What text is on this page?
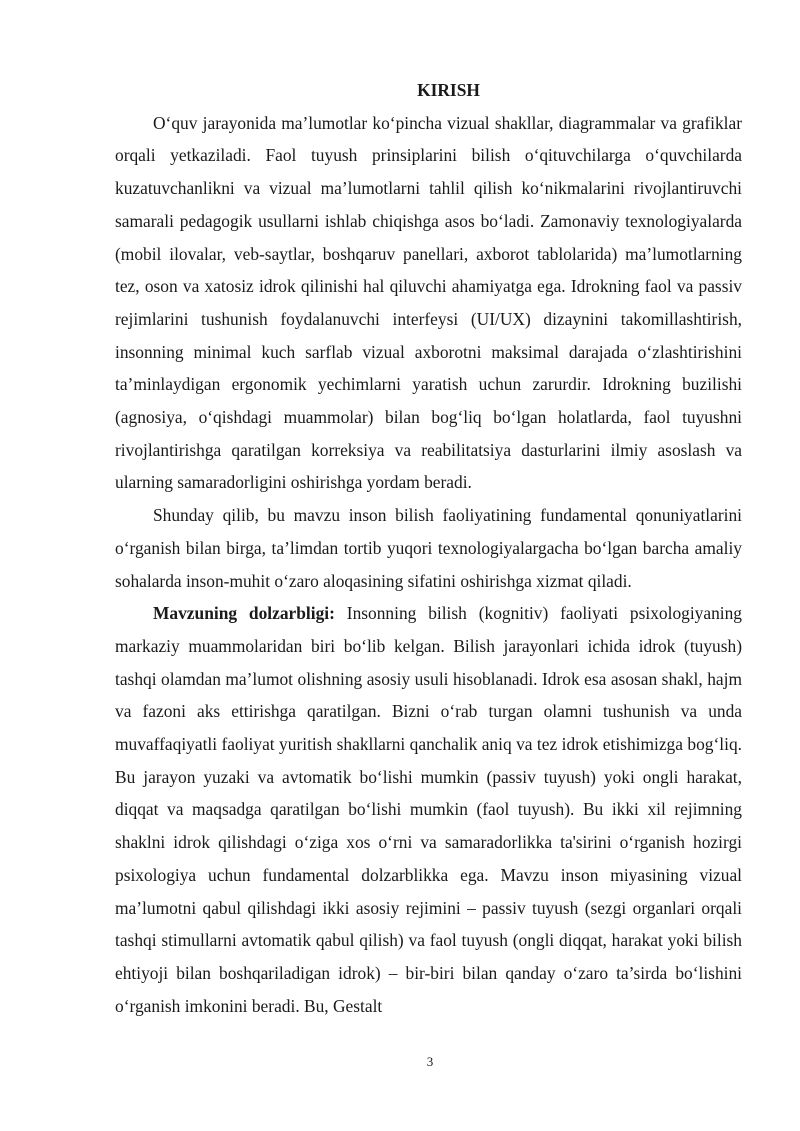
KIRISH

O‘quv jarayonida ma’lumotlar ko‘pincha vizual shakllar, diagrammalar va grafiklar orqali yetkaziladi. Faol tuyush prinsiplarini bilish o‘qituvchilarga o‘quvchilarda kuzatuvchanlikni va vizual ma’lumotlarni tahlil qilish ko‘nikmalarini rivojlantiruvchi samarali pedagogik usullarni ishlab chiqishga asos bo‘ladi. Zamonaviy texnologiyalarda (mobil ilovalar, veb-saytlar, boshqaruv panellari, axborot tablolarida) ma’lumotlarning tez, oson va xatosiz idrok qilinishi hal qiluvchi ahamiyatga ega. Idrokning faol va passiv rejimlarini tushunish foydalanuvchi interfeysi (UI/UX) dizaynini takomillashtirish, insonning minimal kuch sarflab vizual axborotni maksimal darajada o‘zlashtirishini ta’minlaydigan ergonomik yechimlarni yaratish uchun zarurdir. Idrokning buzilishi (agnosiya, o‘qishdagi muammolar) bilan bog‘liq bo‘lgan holatlarda, faol tuyushni rivojlantirishga qaratilgan korreksiya va reabilitatsiya dasturlarini ilmiy asoslash va ularning samaradorligini oshirishga yordam beradi.

Shunday qilib, bu mavzu inson bilish faoliyatining fundamental qonuniyatlarini o‘rganish bilan birga, ta’limdan tortib yuqori texnologiyalargacha bo‘lgan barcha amaliy sohalarda inson-muhit o‘zaro aloqasining sifatini oshirishga xizmat qiladi.

Mavzuning dolzarbligi: Insonning bilish (kognitiv) faoliyati psixologiyaning markaziy muammolaridan biri bo‘lib kelgan. Bilish jarayonlari ichida idrok (tuyush) tashqi olamdan ma’lumot olishning asosiy usuli hisoblanadi. Idrok esa asosan shakl, hajm va fazoni aks ettirishga qaratilgan. Bizni o‘rab turgan olamni tushunish va unda muvaffaqiyatli faoliyat yuritish shakllarni qanchalik aniq va tez idrok etishimizga bog‘liq. Bu jarayon yuzaki va avtomatik bo‘lishi mumkin (passiv tuyush) yoki ongli harakat, diqqat va maqsadga qaratilgan bo‘lishi mumkin (faol tuyush). Bu ikki xil rejimning shaklni idrok qilishdagi o‘ziga xos o‘rni va samaradorlikka ta'sirini o‘rganish hozirgi psixologiya uchun fundamental dolzarblikka ega. Mavzu inson miyasining vizual ma’lumotni qabul qilishdagi ikki asosiy rejimini – passiv tuyush (sezgi organlari orqali tashqi stimullarni avtomatik qabul qilish) va faol tuyush (ongli diqqat, harakat yoki bilish ehtiyoji bilan boshqariladigan idrok) – bir-biri bilan qanday o‘zaro ta’sirda bo‘lishini o‘rganish imkonini beradi. Bu, Gestalt

3
